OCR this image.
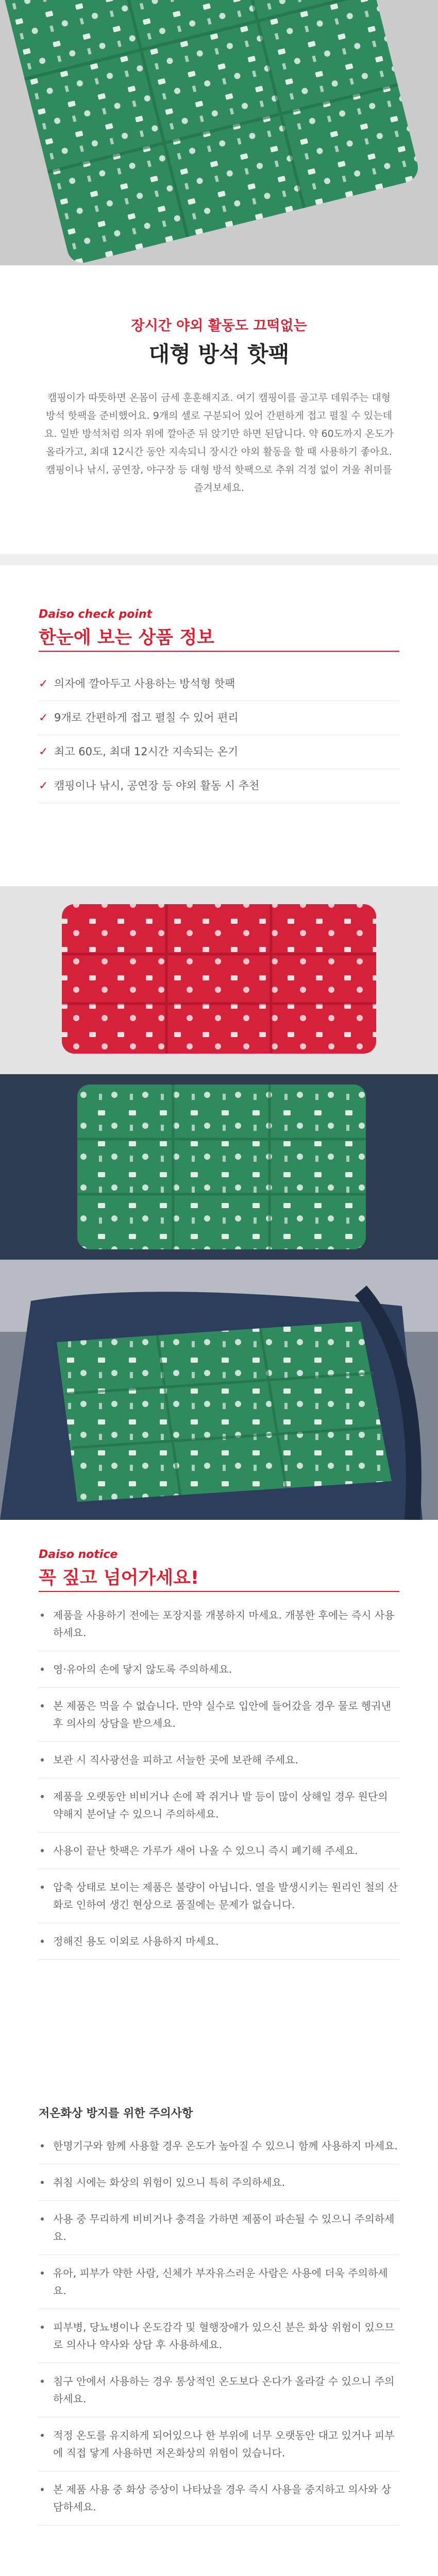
장시간 야외 활동도 끄떡없는
대형 방석 핫팩
캠핑이가 따뜻하면 온몸이 금세 훈훈해지죠. 여기 캠핑이를 골고루 데워주는 대형 방석 핫팩을 준비했어요. 9개의 셀로 구분되어 있어 간편하게 접고 펼칠 수 있는데요. 일반 방석처럼 의자 위에 깔아준 뒤 앉기만 하면 된답니다. 약 60도까지 온도가 올라가고, 최대 12시간 동안 지속되니 장시간 야외 활동을 할 때 사용하기 좋아요. 캠핑이나 낚시, 공연장, 야구장 등 대형 방석 핫팩으로 추위 걱정 없이 겨울 취미를 즐겨보세요.
Daiso check point
한눈에 보는 상품 정보
✓ 의자에 깔아두고 사용하는 방석형 핫팩
✓ 9개로 간편하게 접고 펼칠 수 있어 편리
✓ 최고 60도, 최대 12시간 지속되는 온기
✓ 캠핑이나 낚시, 공연장 등 야외 활동 시 추천
Daiso notice
꼭 짚고 넘어가세요!
제품을 사용하기 전에는 포장지를 개봉하지 마세요. 개봉한 후에는 즉시 사용하세요.
영·유아의 손에 닿지 않도록 주의하세요.
본 제품은 먹을 수 없습니다. 만약 실수로 입안에 들어갔을 경우 물로 헹궈낸 후 의사의 상담을 받으세요.
보관 시 직사광선을 피하고 서늘한 곳에 보관해 주세요.
제품을 오랫동안 비비거나 손에 꽉 쥐거나 발 등이 많이 상해일 경우 원단의 약해지 분어날 수 있으니 주의하세요.
사용이 끝난 핫팩은 가루가 새어 나올 수 있으니 즉시 폐기해 주세요.
압축 상태로 보이는 제품은 불량이 아닙니다. 열을 발생시키는 원리인 철의 산화로 인하여 생긴 현상으로 품질에는 문제가 없습니다.
정해진 용도 이외로 사용하지 마세요.
저온화상 방지를 위한 주의사항
한명기구와 함께 사용할 경우 온도가 높아질 수 있으니 함께 사용하지 마세요.
취침 시에는 화상의 위험이 있으니 특히 주의하세요.
사용 중 무리하게 비비거나 충격을 가하면 제품이 파손될 수 있으니 주의하세요.
유아, 피부가 약한 사람, 신체가 부자유스러운 사람은 사용에 더욱 주의하세요.
피부병, 당뇨병이나 온도감각 및 혈행장애가 있으신 분은 화상 위험이 있으므로 의사나 약사와 상담 후 사용하세요.
침구 안에서 사용하는 경우 통상적인 온도보다 온다가 올라갈 수 있으니 주의하세요.
적정 온도를 유지하게 되어있으나 한 부위에 너무 오랫동안 대고 있거나 피부에 직접 닿게 사용하면 저온화상의 위험이 있습니다.
본 제품 사용 중 화상 증상이 나타났을 경우 즉시 사용을 중지하고 의사와 상담하세요.
